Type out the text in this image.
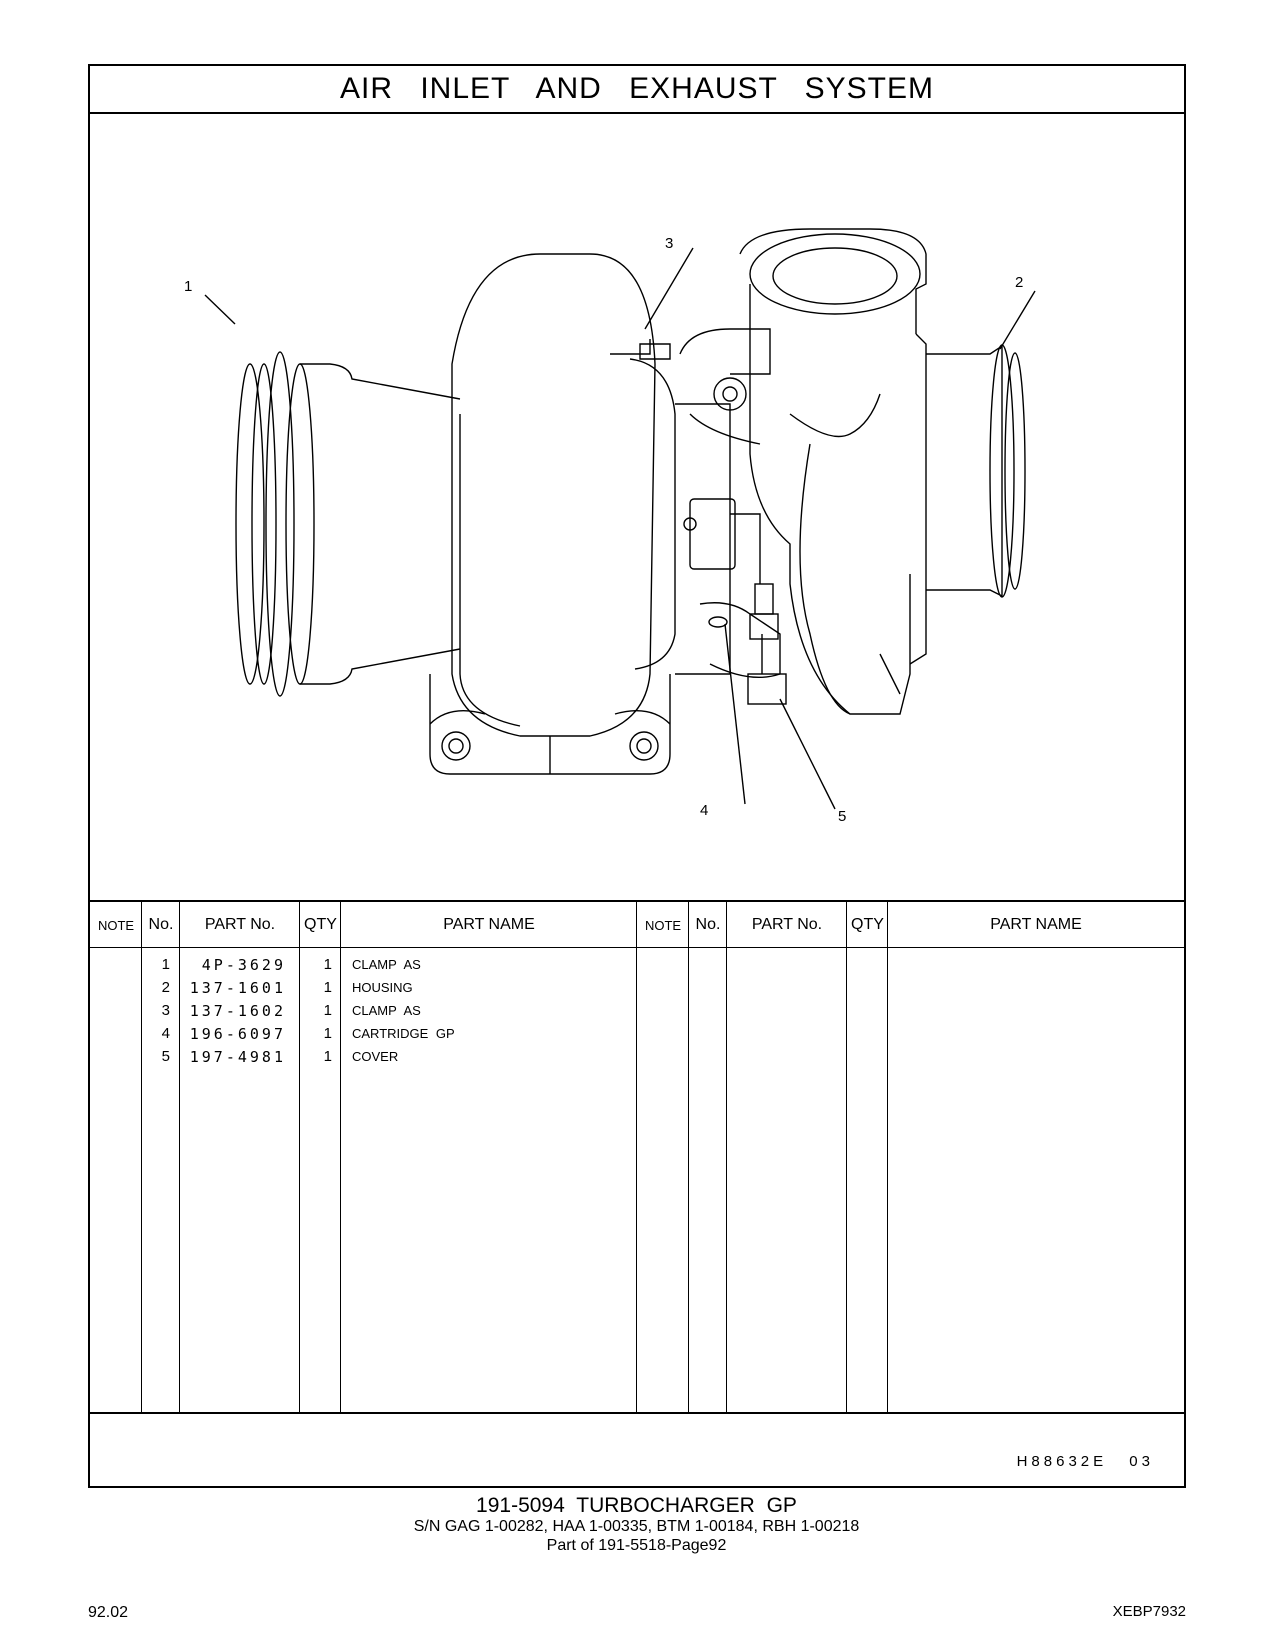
AIR INLET AND EXHAUST SYSTEM
5
1
3
4
2
NOTE No.	PART No.	QTY	PART NAME	NOTE No.	PART No.	QTY	PART NAME
1	4P-3629	1 CLAMP AS
2 137-1601	1 HOUSING
3 137-1602	1 CLAMP AS
4 196-6097	1 CARTRIDGE GP
5 197-4981	1 COVER
H88632E 03
191-5094 TURBOCHARGER GP
S/N GAG 1-00282, HAA 1-00335, BTM 1-00184, RBH 1-00218
Part of 191-5518-Page92
92.02	XEBP7932
